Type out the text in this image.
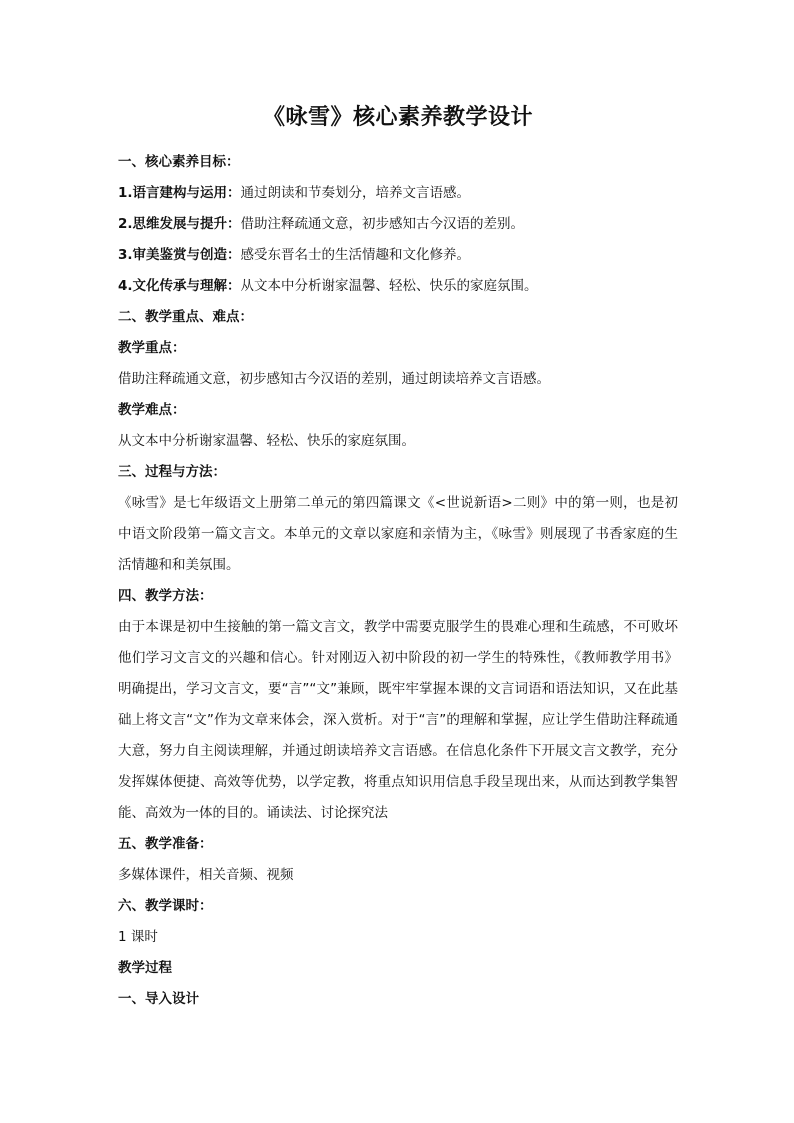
《咏雪》核心素养教学设计

一、核心素养目标：

1.语言建构与运用：通过朗读和节奏划分，培养文言语感。

2.思维发展与提升：借助注释疏通文意，初步感知古今汉语的差别。

3.审美鉴赏与创造：感受东晋名士的生活情趣和文化修养。

4.文化传承与理解：从文本中分析谢家温馨、轻松、快乐的家庭氛围。

二、教学重点、难点：

教学重点：

借助注释疏通文意，初步感知古今汉语的差别，通过朗读培养文言语感。

教学难点：

从文本中分析谢家温馨、轻松、快乐的家庭氛围。

三、过程与方法：

《咏雪》是七年级语文上册第二单元的第四篇课文《<世说新语>二则》中的第一则，也是初中语文阶段第一篇文言文。本单元的文章以家庭和亲情为主，《咏雪》则展现了书香家庭的生活情趣和和美氛围。

四、教学方法：

由于本课是初中生接触的第一篇文言文，教学中需要克服学生的畏难心理和生疏感，不可败坏他们学习文言文的兴趣和信心。针对刚迈入初中阶段的初一学生的特殊性，《教师教学用书》明确提出，学习文言文，要“言”“文”兼顾，既牢牢掌握本课的文言词语和语法知识，又在此基础上将文言“文”作为文章来体会，深入赏析。对于“言”的理解和掌握，应让学生借助注释疏通大意，努力自主阅读理解，并通过朗读培养文言语感。在信息化条件下开展文言文教学，充分发挥媒体便捷、高效等优势，以学定教，将重点知识用信息手段呈现出来，从而达到教学集智能、高效为一体的目的。诵读法、讨论探究法

五、教学准备：

多媒体课件，相关音频、视频

六、教学课时：

1 课时

教学过程

一、导入设计
